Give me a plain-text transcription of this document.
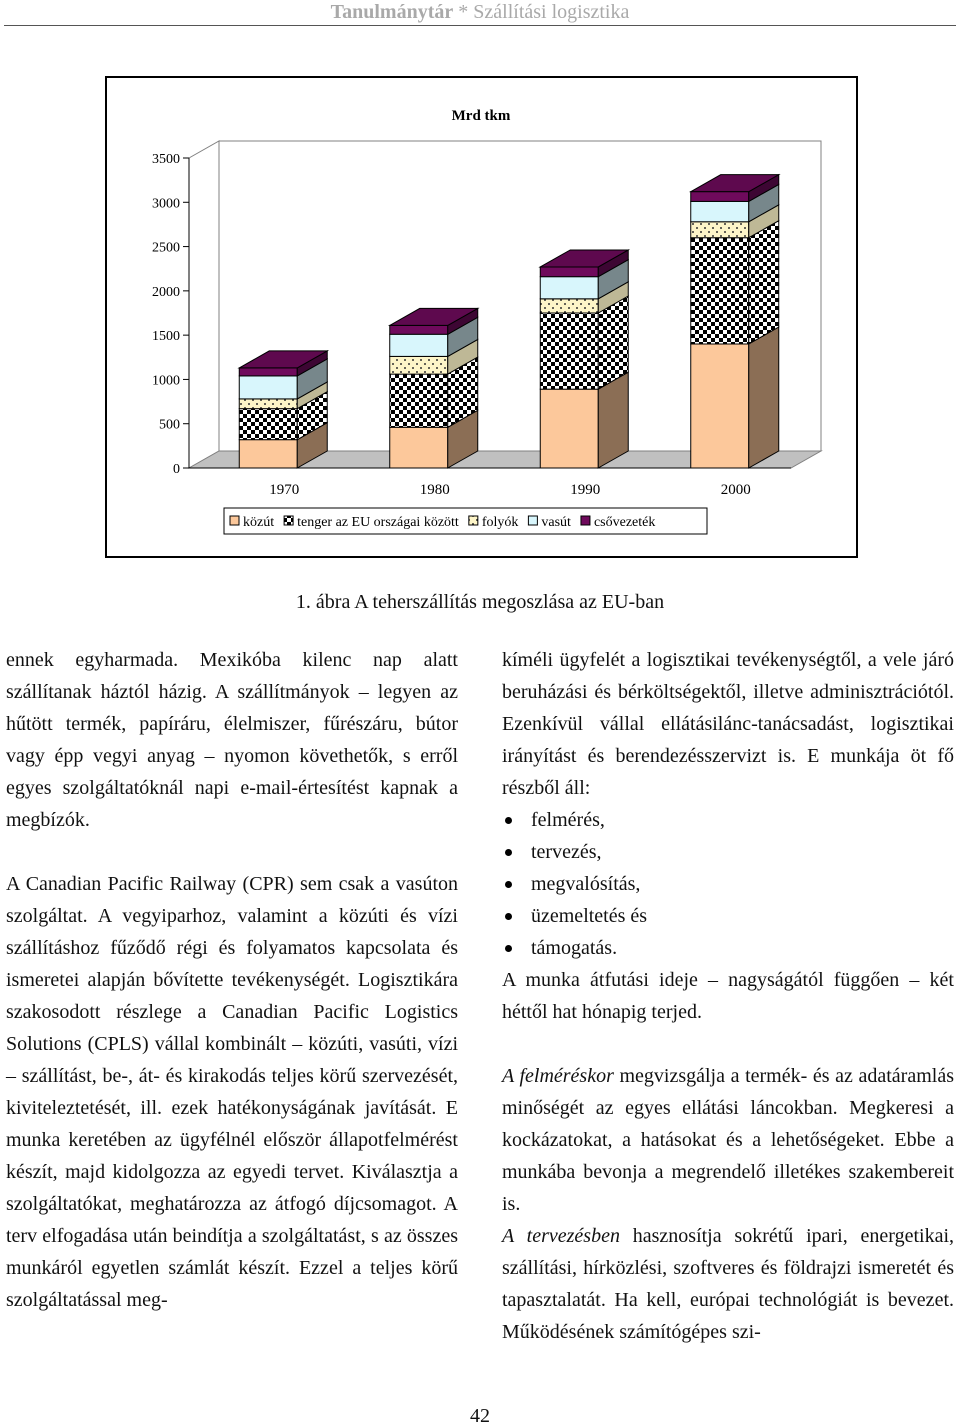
Tanulmánytár * Szállítási logisztika
Mrd tkm
0
500
1000
1500
2000
2500
3000
3500
1970	1980	1990	2000
közút tenger az EU országai között folyók vasút csővezeték
1. ábra A teherszállítás megoszlása az EU-ban

ennek egyharmada. Mexikóba kilenc nap alatt szállítanak háztól házig. A szállítmányok – legyen az hűtött termék, papíráru, élelmiszer, fűrészáru, bútor vagy épp vegyi anyag – nyomon követhetők, s erről egyes szolgáltatóknál napi e-mail-értesítést kapnak a megbízók.

A Canadian Pacific Railway (CPR) sem csak a vasúton szolgáltat. A vegyiparhoz, valamint a közúti és vízi szállításhoz fűződő régi és folyamatos kapcsolata és ismeretei alapján bővítette tevékenységét. Logisztikára szakosodott részlege a Canadian Pacific Logistics Solutions (CPLS) vállal kombinált – közúti, vasúti, vízi – szállítást, be-, át- és kirakodás teljes körű szervezését, kiviteleztetését, ill. ezek hatékonyságának javítását. E munka keretében az ügyfélnél először állapotfelmérést készít, majd kidolgozza az egyedi tervet. Kiválasztja a szolgáltatókat, meghatározza az átfogó díjcsomagot. A terv elfogadása után beindítja a szolgáltatást, s az összes munkáról egyetlen számlát készít. Ezzel a teljes körű szolgáltatással meg-

kíméli ügyfelét a logisztikai tevékenységtől, a vele járó beruházási és bérköltségektől, illetve adminisztrációtól. Ezenkívül vállal ellátásilánc-tanácsadást, logisztikai irányítást és berendezésszervizt is. E munkája öt fő részből áll:

felmérés,
tervezés,
megvalósítás,
üzemeltetés és
támogatás.

A munka átfutási ideje – nagyságától függően – két héttől hat hónapig terjed.

A felméréskor megvizsgálja a termék- és az adatáramlás minőségét az egyes ellátási láncokban. Megkeresi a kockázatokat, a hatásokat és a lehetőségeket. Ebbe a munkába bevonja a megrendelő illetékes szakembereit is.

A tervezésben hasznosítja sokrétű ipari, energetikai, szállítási, hírközlési, szoftveres és földrajzi ismeretét és tapasztalatát. Ha kell, európai technológiát is bevezet. Működésének számítógépes szi-

42
